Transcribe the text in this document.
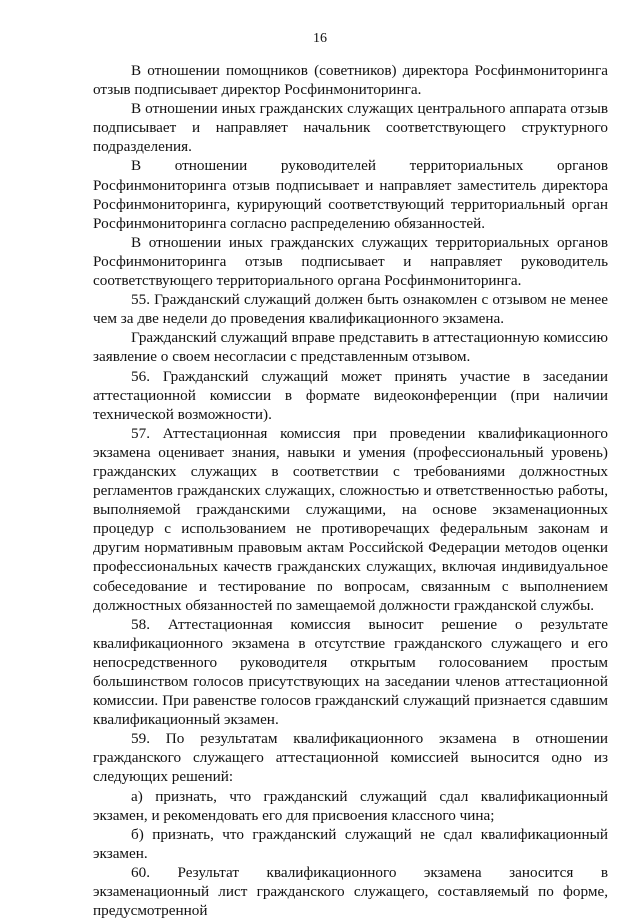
16

В отношении помощников (советников) директора Росфинмониторинга отзыв подписывает директор Росфинмониторинга.

В отношении иных гражданских служащих центрального аппарата отзыв подписывает и направляет начальник соответствующего структурного подразделения.

В отношении руководителей территориальных органов Росфинмониторинга отзыв подписывает и направляет заместитель директора Росфинмониторинга, курирующий соответствующий территориальный орган Росфинмониторинга согласно распределению обязанностей.

В отношении иных гражданских служащих территориальных органов Росфинмониторинга отзыв подписывает и направляет руководитель соответствующего территориального органа Росфинмониторинга.

55. Гражданский служащий должен быть ознакомлен с отзывом не менее чем за две недели до проведения квалификационного экзамена.

Гражданский служащий вправе представить в аттестационную комиссию заявление о своем несогласии с представленным отзывом.

56. Гражданский служащий может принять участие в заседании аттестационной комиссии в формате видеоконференции (при наличии технической возможности).

57. Аттестационная комиссия при проведении квалификационного экзамена оценивает знания, навыки и умения (профессиональный уровень) гражданских служащих в соответствии с требованиями должностных регламентов гражданских служащих, сложностью и ответственностью работы, выполняемой гражданскими служащими, на основе экзаменационных процедур с использованием не противоречащих федеральным законам и другим нормативным правовым актам Российской Федерации методов оценки профессиональных качеств гражданских служащих, включая индивидуальное собеседование и тестирование по вопросам, связанным с выполнением должностных обязанностей по замещаемой должности гражданской службы.

58. Аттестационная комиссия выносит решение о результате квалификационного экзамена в отсутствие гражданского служащего и его непосредственного руководителя открытым голосованием простым большинством голосов присутствующих на заседании членов аттестационной комиссии. При равенстве голосов гражданский служащий признается сдавшим квалификационный экзамен.

59. По результатам квалификационного экзамена в отношении гражданского служащего аттестационной комиссией выносится одно из следующих решений:

а) признать, что гражданский служащий сдал квалификационный экзамен, и рекомендовать его для присвоения классного чина;

б) признать, что гражданский служащий не сдал квалификационный экзамен.

60. Результат квалификационного экзамена заносится в экзаменационный лист гражданского служащего, составляемый по форме, предусмотренной
